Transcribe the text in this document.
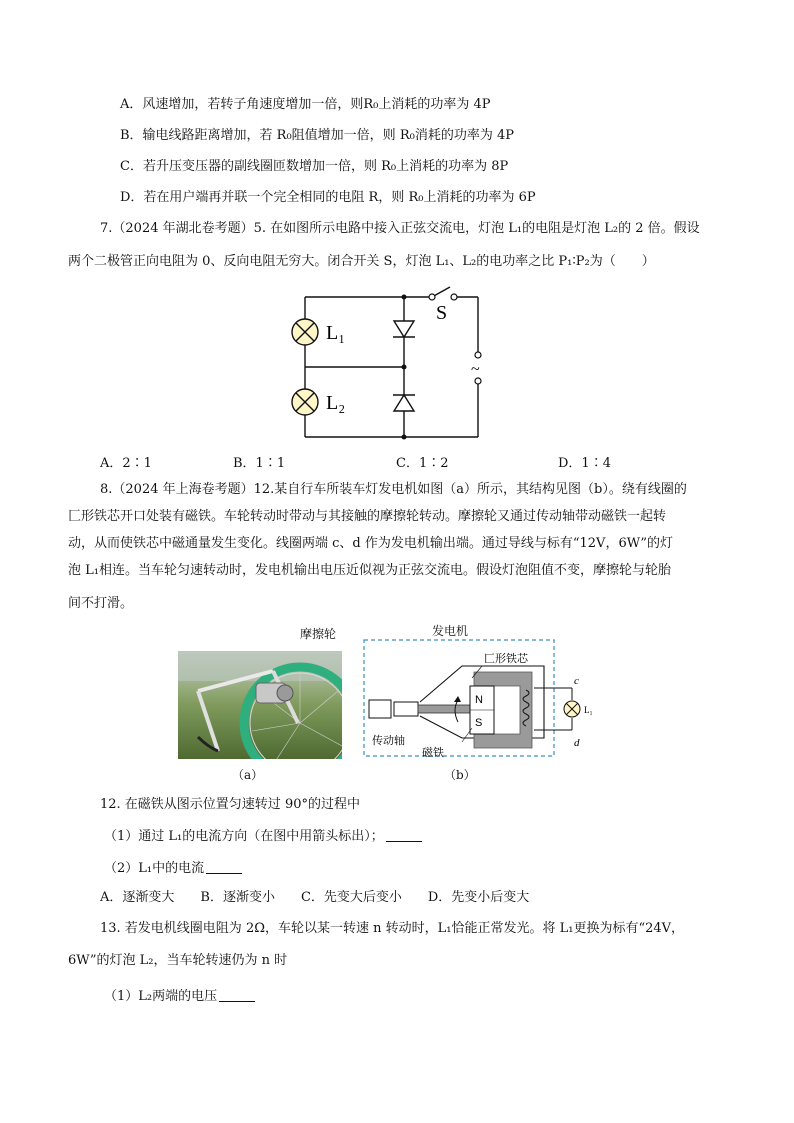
A．风速增加，若转子角速度增加一倍，则R₀上消耗的功率为 4P
B．输电线路距离增加，若 R₀阻值增加一倍，则 R₀消耗的功率为 4P
C．若升压变压器的副线圈匝数增加一倍，则 R₀上消耗的功率为 8P
D．若在用户端再并联一个完全相同的电阻 R，则 R₀上消耗的功率为 6P
7.（2024 年湖北卷考题）5. 在如图所示电路中接入正弦交流电，灯泡 L₁的电阻是灯泡 L₂的 2 倍。假设
两个二极管正向电阻为 0、反向电阻无穷大。闭合开关 S，灯泡 L₁、L₂的电功率之比 P₁∶P₂为（　　）
L₁
L₂
S
~
A．2∶1	B．1∶1	C．1∶2	D．1∶4
8.（2024 年上海卷考题）12.某自行车所装车灯发电机如图（a）所示，其结构见图（b）。绕有线圈的
匚形铁芯开口处装有磁铁。车轮转动时带动与其接触的摩擦轮转动。摩擦轮又通过传动轴带动磁铁一起转
动，从而使铁芯中磁通量发生变化。线圈两端 c、d 作为发电机输出端。通过导线与标有“12V，6W”的灯
泡 L₁相连。当车轮匀速转动时，发电机输出电压近似视为正弦交流电。假设灯泡阻值不变，摩擦轮与轮胎
间不打滑。
摩擦轮
（a）
发电机
N
S
匚形铁芯
传动轴
磁铁
c
d
L₁
（b）
12. 在磁铁从图示位置匀速转过 90°的过程中
（1）通过 L₁的电流方向（在图中用箭头标出）；
（2）L₁中的电流
A．逐渐变大　　B．逐渐变小　　C．先变大后变小　　D．先变小后变大
13. 若发电机线圈电阻为 2Ω，车轮以某一转速 n 转动时，L₁恰能正常发光。将 L₁更换为标有“24V，
6W”的灯泡 L₂，当车轮转速仍为 n 时
（1）L₂两端的电压
